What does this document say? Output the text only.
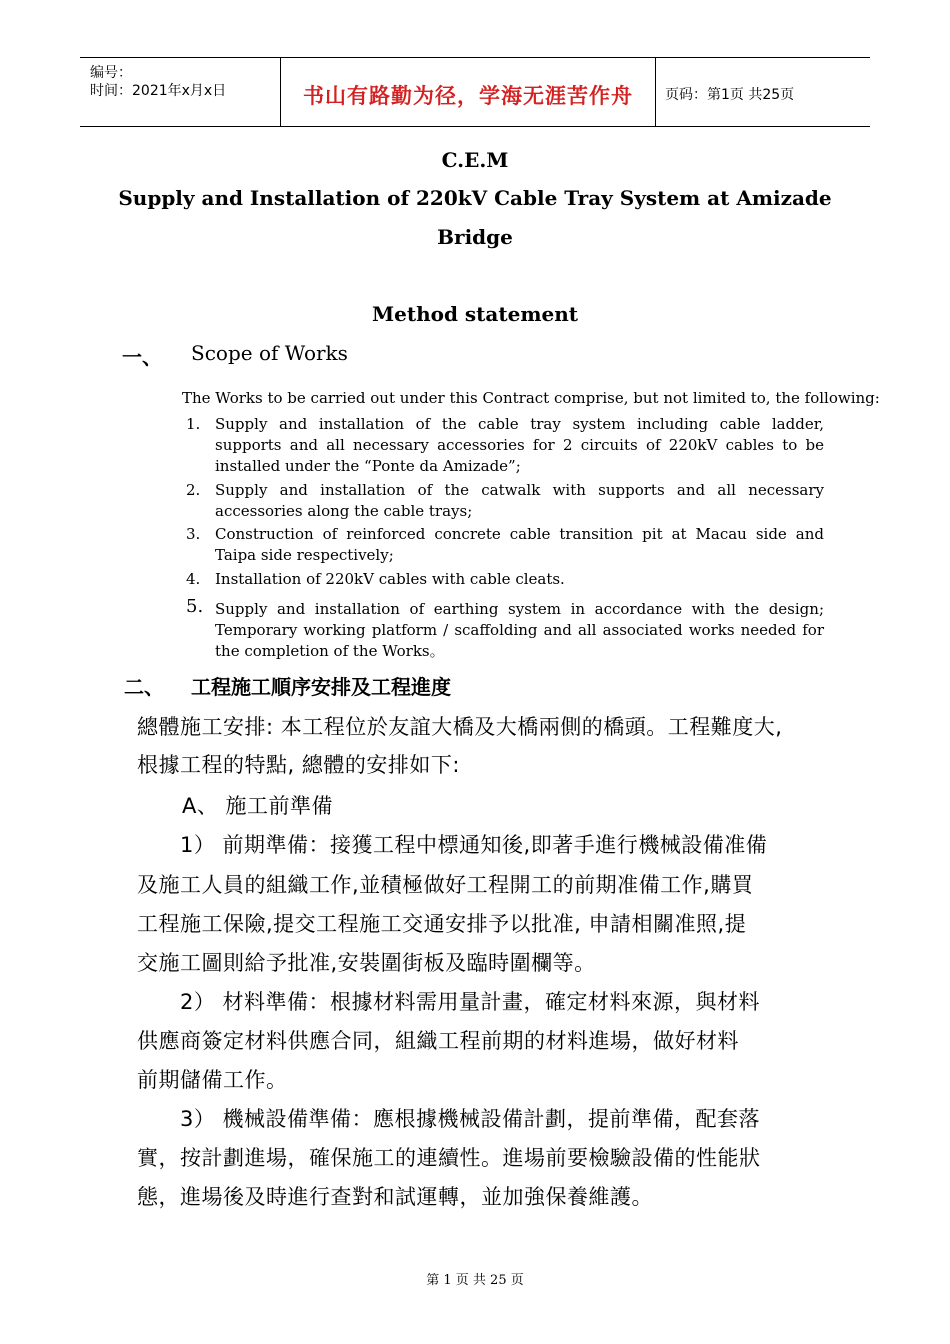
编号：
时间：2021年x月x日	书山有路勤为径，学海无涯苦作舟	页码：第1页 共25页
C.E.M
Supply and Installation of 220kV Cable Tray System at Amizade
Bridge
Method statement
一、 Scope of Works
The Works to be carried out under this Contract comprise, but not limited to, the following:
1. Supply and installation of the cable tray system including cable ladder, supports and all necessary accessories for 2 circuits of 220kV cables to be installed under the “Ponte da Amizade”;
2. Supply and installation of the catwalk with supports and all necessary accessories along the cable trays;
3. Construction of reinforced concrete cable transition pit at Macau side and Taipa side respectively;
4. Installation of 220kV cables with cable cleats.
5. Supply and installation of earthing system in accordance with the design; Temporary working platform / scaffolding and all associated works needed for the completion of the Works。
二、 工程施工順序安排及工程進度
總體施工安排: 本工程位於友誼大橋及大橋兩側的橋頭。工程難度大,
根據工程的特點, 總體的安排如下:
A、 施工前準備
1） 前期準備：接獲工程中標通知後,即著手進行機械設備准備
及施工人員的組織工作,並積極做好工程開工的前期准備工作,購買
工程施工保險,提交工程施工交通安排予以批准, 申請相關准照,提
交施工圖則給予批准,安裝圍街板及臨時圍欄等。
2） 材料準備：根據材料需用量計畫，確定材料來源，與材料
供應商簽定材料供應合同，組織工程前期的材料進場，做好材料
前期儲備工作。
3） 機械設備準備：應根據機械設備計劃，提前準備，配套落
實，按計劃進場，確保施工的連續性。進場前要檢驗設備的性能狀
態，進場後及時進行查對和試運轉，並加強保養維護。
第 1 页 共 25 页
